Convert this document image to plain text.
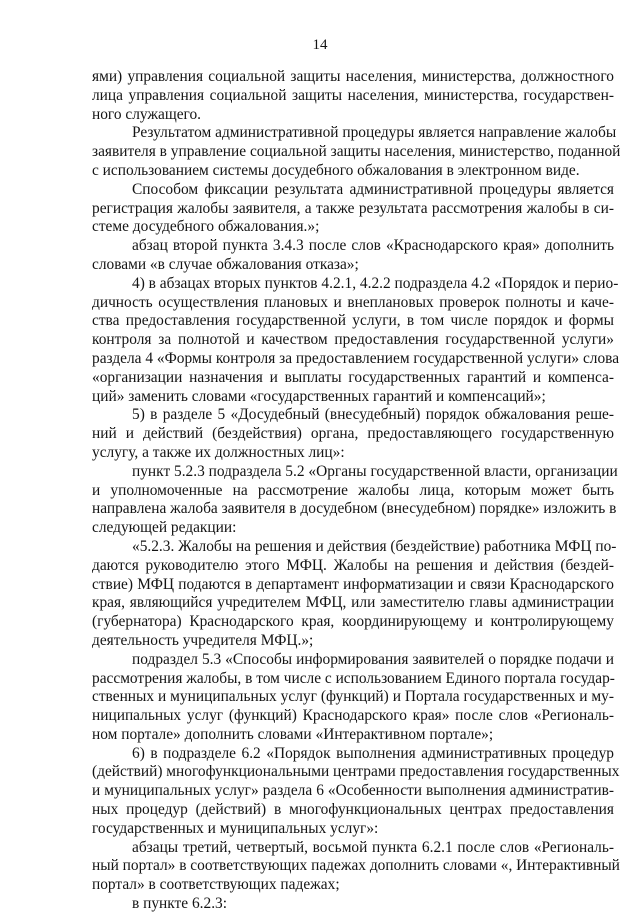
14
ями) управления социальной защиты населения, министерства, должностного
лица управления социальной защиты населения, министерства, государствен-
ного служащего.
Результатом административной процедуры является направление жалобы
заявителя в управление социальной защиты населения, министерство, поданной
с использованием системы досудебного обжалования в электронном виде.
Способом фиксации результата административной процедуры является
регистрация жалобы заявителя, а также результата рассмотрения жалобы в си-
стеме досудебного обжалования.»;
абзац второй пункта 3.4.3 после слов «Краснодарского края» дополнить
словами «в случае обжалования отказа»;
4) в абзацах вторых пунктов 4.2.1, 4.2.2 подраздела 4.2 «Порядок и перио-
дичность осуществления плановых и внеплановых проверок полноты и каче-
ства предоставления государственной услуги, в том числе порядок и формы
контроля за полнотой и качеством предоставления государственной услуги»
раздела 4 «Формы контроля за предоставлением государственной услуги» слова
«организации назначения и выплаты государственных гарантий и компенса-
ций» заменить словами «государственных гарантий и компенсаций»;
5) в разделе 5 «Досудебный (внесудебный) порядок обжалования реше-
ний и действий (бездействия) органа, предоставляющего государственную
услугу, а также их должностных лиц»:
пункт 5.2.3 подраздела 5.2 «Органы государственной власти, организации
и уполномоченные на рассмотрение жалобы лица, которым может быть
направлена жалоба заявителя в досудебном (внесудебном) порядке» изложить в
следующей редакции:
«5.2.3. Жалобы на решения и действия (бездействие) работника МФЦ по-
даются руководителю этого МФЦ. Жалобы на решения и действия (бездей-
ствие) МФЦ подаются в департамент информатизации и связи Краснодарского
края, являющийся учредителем МФЦ, или заместителю главы администрации
(губернатора) Краснодарского края, координирующему и контролирующему
деятельность учредителя МФЦ.»;
подраздел 5.3 «Способы информирования заявителей о порядке подачи и
рассмотрения жалобы, в том числе с использованием Единого портала государ-
ственных и муниципальных услуг (функций) и Портала государственных и му-
ниципальных услуг (функций) Краснодарского края» после слов «Региональ-
ном портале» дополнить словами «Интерактивном портале»;
6) в подразделе 6.2 «Порядок выполнения административных процедур
(действий) многофункциональными центрами предоставления государственных
и муниципальных услуг» раздела 6 «Особенности выполнения административ-
ных процедур (действий) в многофункциональных центрах предоставления
государственных и муниципальных услуг»:
абзацы третий, четвертый, восьмой пункта 6.2.1 после слов «Региональ-
ный портал» в соответствующих падежах дополнить словами «, Интерактивный
портал» в соответствующих падежах;
в пункте 6.2.3:
